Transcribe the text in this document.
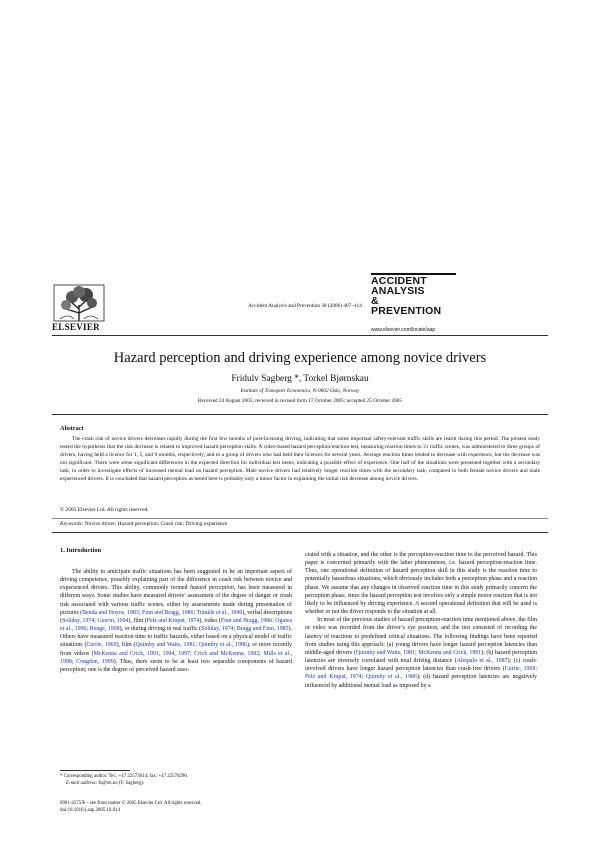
ELSEVIER
Accident Analysis and Prevention 38 (2006) 407–414
ACCIDENT
ANALYSIS
&
PREVENTION
www.elsevier.com/locate/aap
Hazard perception and driving experience among novice drivers
Fridulv Sagberg *, Torkel Bjørnskau
Institute of Transport Economics, N-0602 Oslo, Norway
Received 24 August 2005; received in revised form 17 October 2005; accepted 25 October 2005
Abstract

The crash risk of novice drivers decreases rapidly during the first few months of post-licensing driving, indicating that some important safety-relevant traffic skills are learnt during this period. The present study tested the hypothesis that the risk decrease is related to improved hazard perception skills. A video-based hazard perception/reaction test, measuring reaction times to 31 traffic scenes, was administered to three groups of drivers, having held a licence for 1, 5, and 9 months, respectively, and to a group of drivers who had held their licences for several years. Average reaction times tended to decrease with experience, but the decrease was not significant. There were some significant differences in the expected direction for individual test items, indicating a possible effect of experience. One half of the situations were presented together with a secondary task, in order to investigate effects of increased mental load on hazard perception. Male novice drivers had relatively longer reaction times with the secondary task, compared to both female novice drivers and male experienced drivers. It is concluded that hazard perception as tested here is probably only a minor factor in explaining the initial risk decrease among novice drivers.

© 2005 Elsevier Ltd. All rights reserved.
Keywords: Novice driver; Hazard perception; Crash risk; Driving experience
1. Introduction

The ability to anticipate traffic situations has been suggested to be an important aspect of driving competence, possibly explaining part of the difference in crash risk between novice and experienced drivers. This ability, commonly termed hazard perception, has been measured in different ways. Some studies have measured drivers’ assessment of the degree of danger or crash risk associated with various traffic scenes, either by assessments made during presentation of pictures (Benda and Hoyos, 1983; Finn and Bragg, 1986; Tränkle et al., 1990), verbal descriptions (Soliday, 1974; Guerin, 1994), film (Pelz and Krupat, 1974), video (Finn and Bragg, 1986; Ogawa et al., 1996; Renge, 1998), or during driving in real traffic (Soliday, 1974; Bragg and Finn, 1985). Others have measured reaction time to traffic hazards, either based on a physical model of traffic situations (Currie, 1969), film (Quimby and Watts, 1981; Quimby et al., 1986), or more recently from videos (McKenna and Crick, 1991, 1994, 1997; Crick and McKenna, 1992; Mills et al., 1998; Congdon, 1999). Thus, there seem to be at least two separable components of hazard perception; one is the degree of perceived hazard asso-

ciated with a situation, and the other is the perception-reaction time to the perceived hazard. This paper is concerned primarily with the latter phenomenon, i.e. hazard perception-reaction time. Thus, one operational definition of hazard perception skill in this study is the reaction time to potentially hazardous situations, which obviously includes both a perception phase and a reaction phase. We assume that any changes in observed reaction time in this study primarily concern the perception phase, since the hazard perception test involves only a simple motor reaction that is not likely to be influenced by driving experience. A second operational definition that will be used is whether or not the driver responds to the situation at all.

In most of the previous studies of hazard perception-reaction time mentioned above, the film or video was recorded from the driver’s eye position, and the test consisted of recording the latency of reactions to predefined critical situations. The following findings have been reported from studies using this approach: (a) young drivers have longer hazard perception latencies than middle-aged drivers (Quimby and Watts, 1981; McKenna and Crick, 1991); (b) hazard perception latencies are inversely correlated with total driving distance (Ahopalo et al., 1987); (c) crash-involved drivers have longer hazard perception latencies than crash-free drivers (Currie, 1969; Pelz and Krupat, 1974; Quimby et al., 1986); (d) hazard perception latencies are negatively influenced by additional mental load as imposed by a

* Corresponding author. Tel.: +47 22573814; fax: +47 22570290.
E-mail address: fs@toi.no (F. Sagberg).
0001-4575/$ – see front matter © 2005 Elsevier Ltd. All rights reserved.
doi:10.1016/j.aap.2005.10.014
